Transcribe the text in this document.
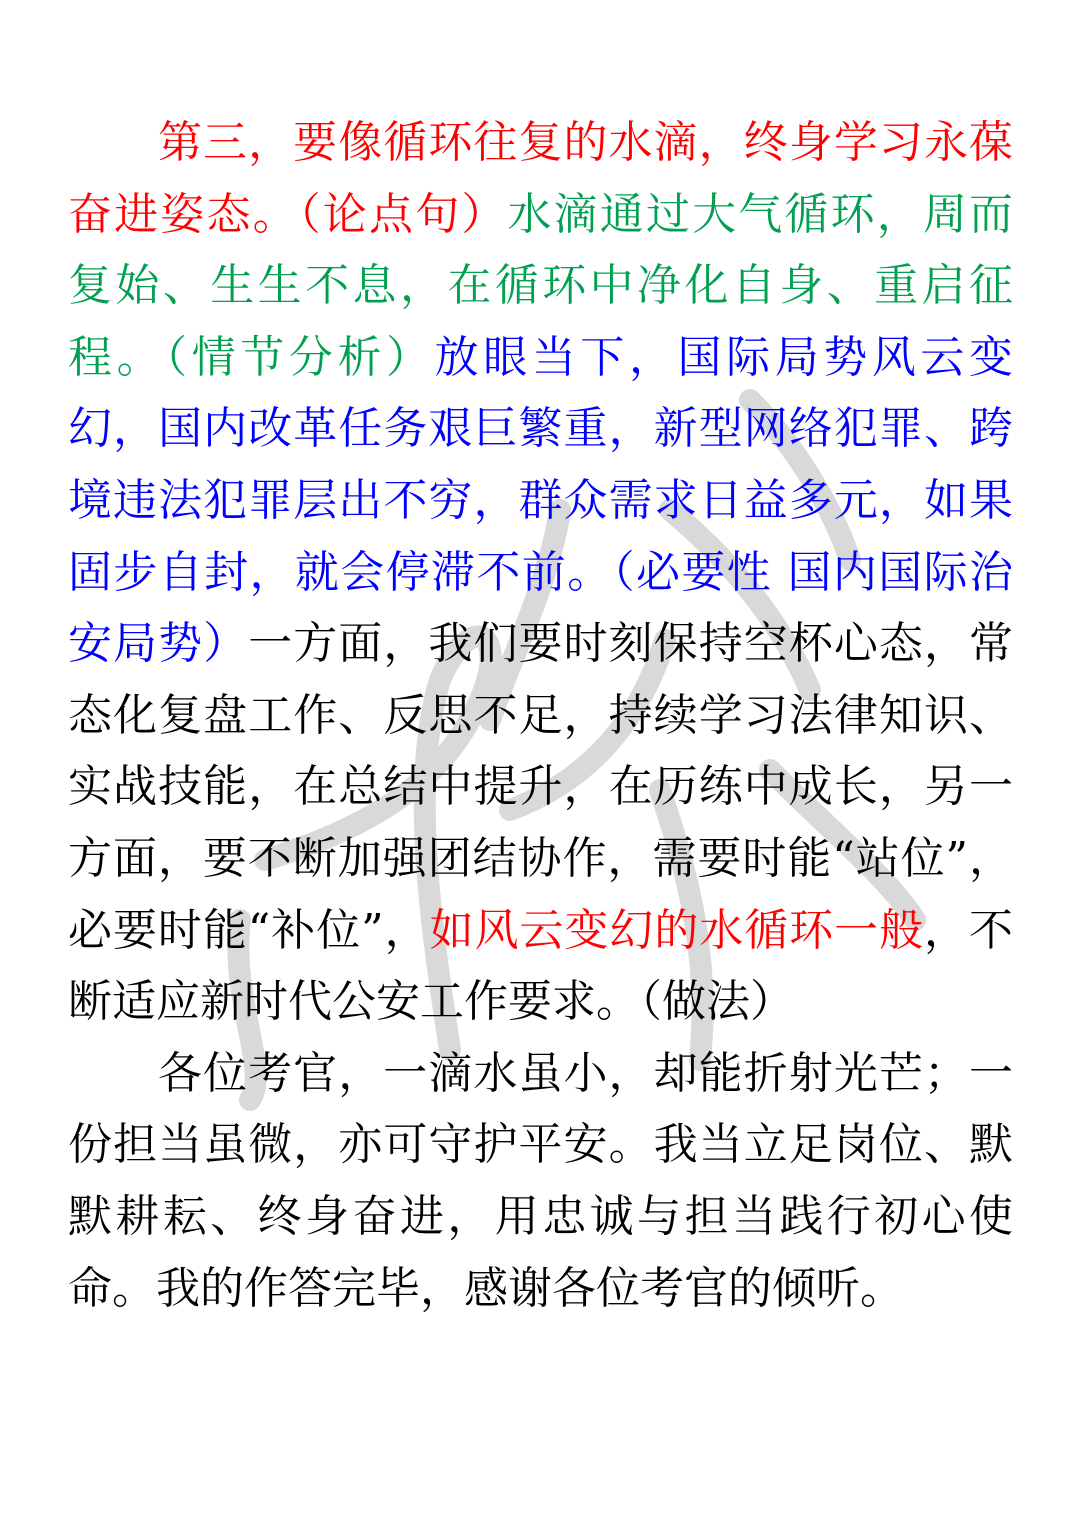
第三，要像循环往复的水滴，终身学习永葆奋进姿态。（论点句）水滴通过大气循环，周而复始、生生不息，在循环中净化自身、重启征程。（情节分析）放眼当下，国际局势风云变幻，国内改革任务艰巨繁重，新型网络犯罪、跨境违法犯罪层出不穷，群众需求日益多元，如果固步自封，就会停滞不前。（必要性 国内国际治安局势）一方面，我们要时刻保持空杯心态，常态化复盘工作、反思不足，持续学习法律知识、实战技能，在总结中提升，在历练中成长，另一方面，要不断加强团结协作，需要时能“站位”，必要时能“补位”，如风云变幻的水循环一般，不断适应新时代公安工作要求。（做法）

各位考官，一滴水虽小，却能折射光芒；一份担当虽微，亦可守护平安。我当立足岗位、默默耕耘、终身奋进，用忠诚与担当践行初心使命。我的作答完毕，感谢各位考官的倾听。
